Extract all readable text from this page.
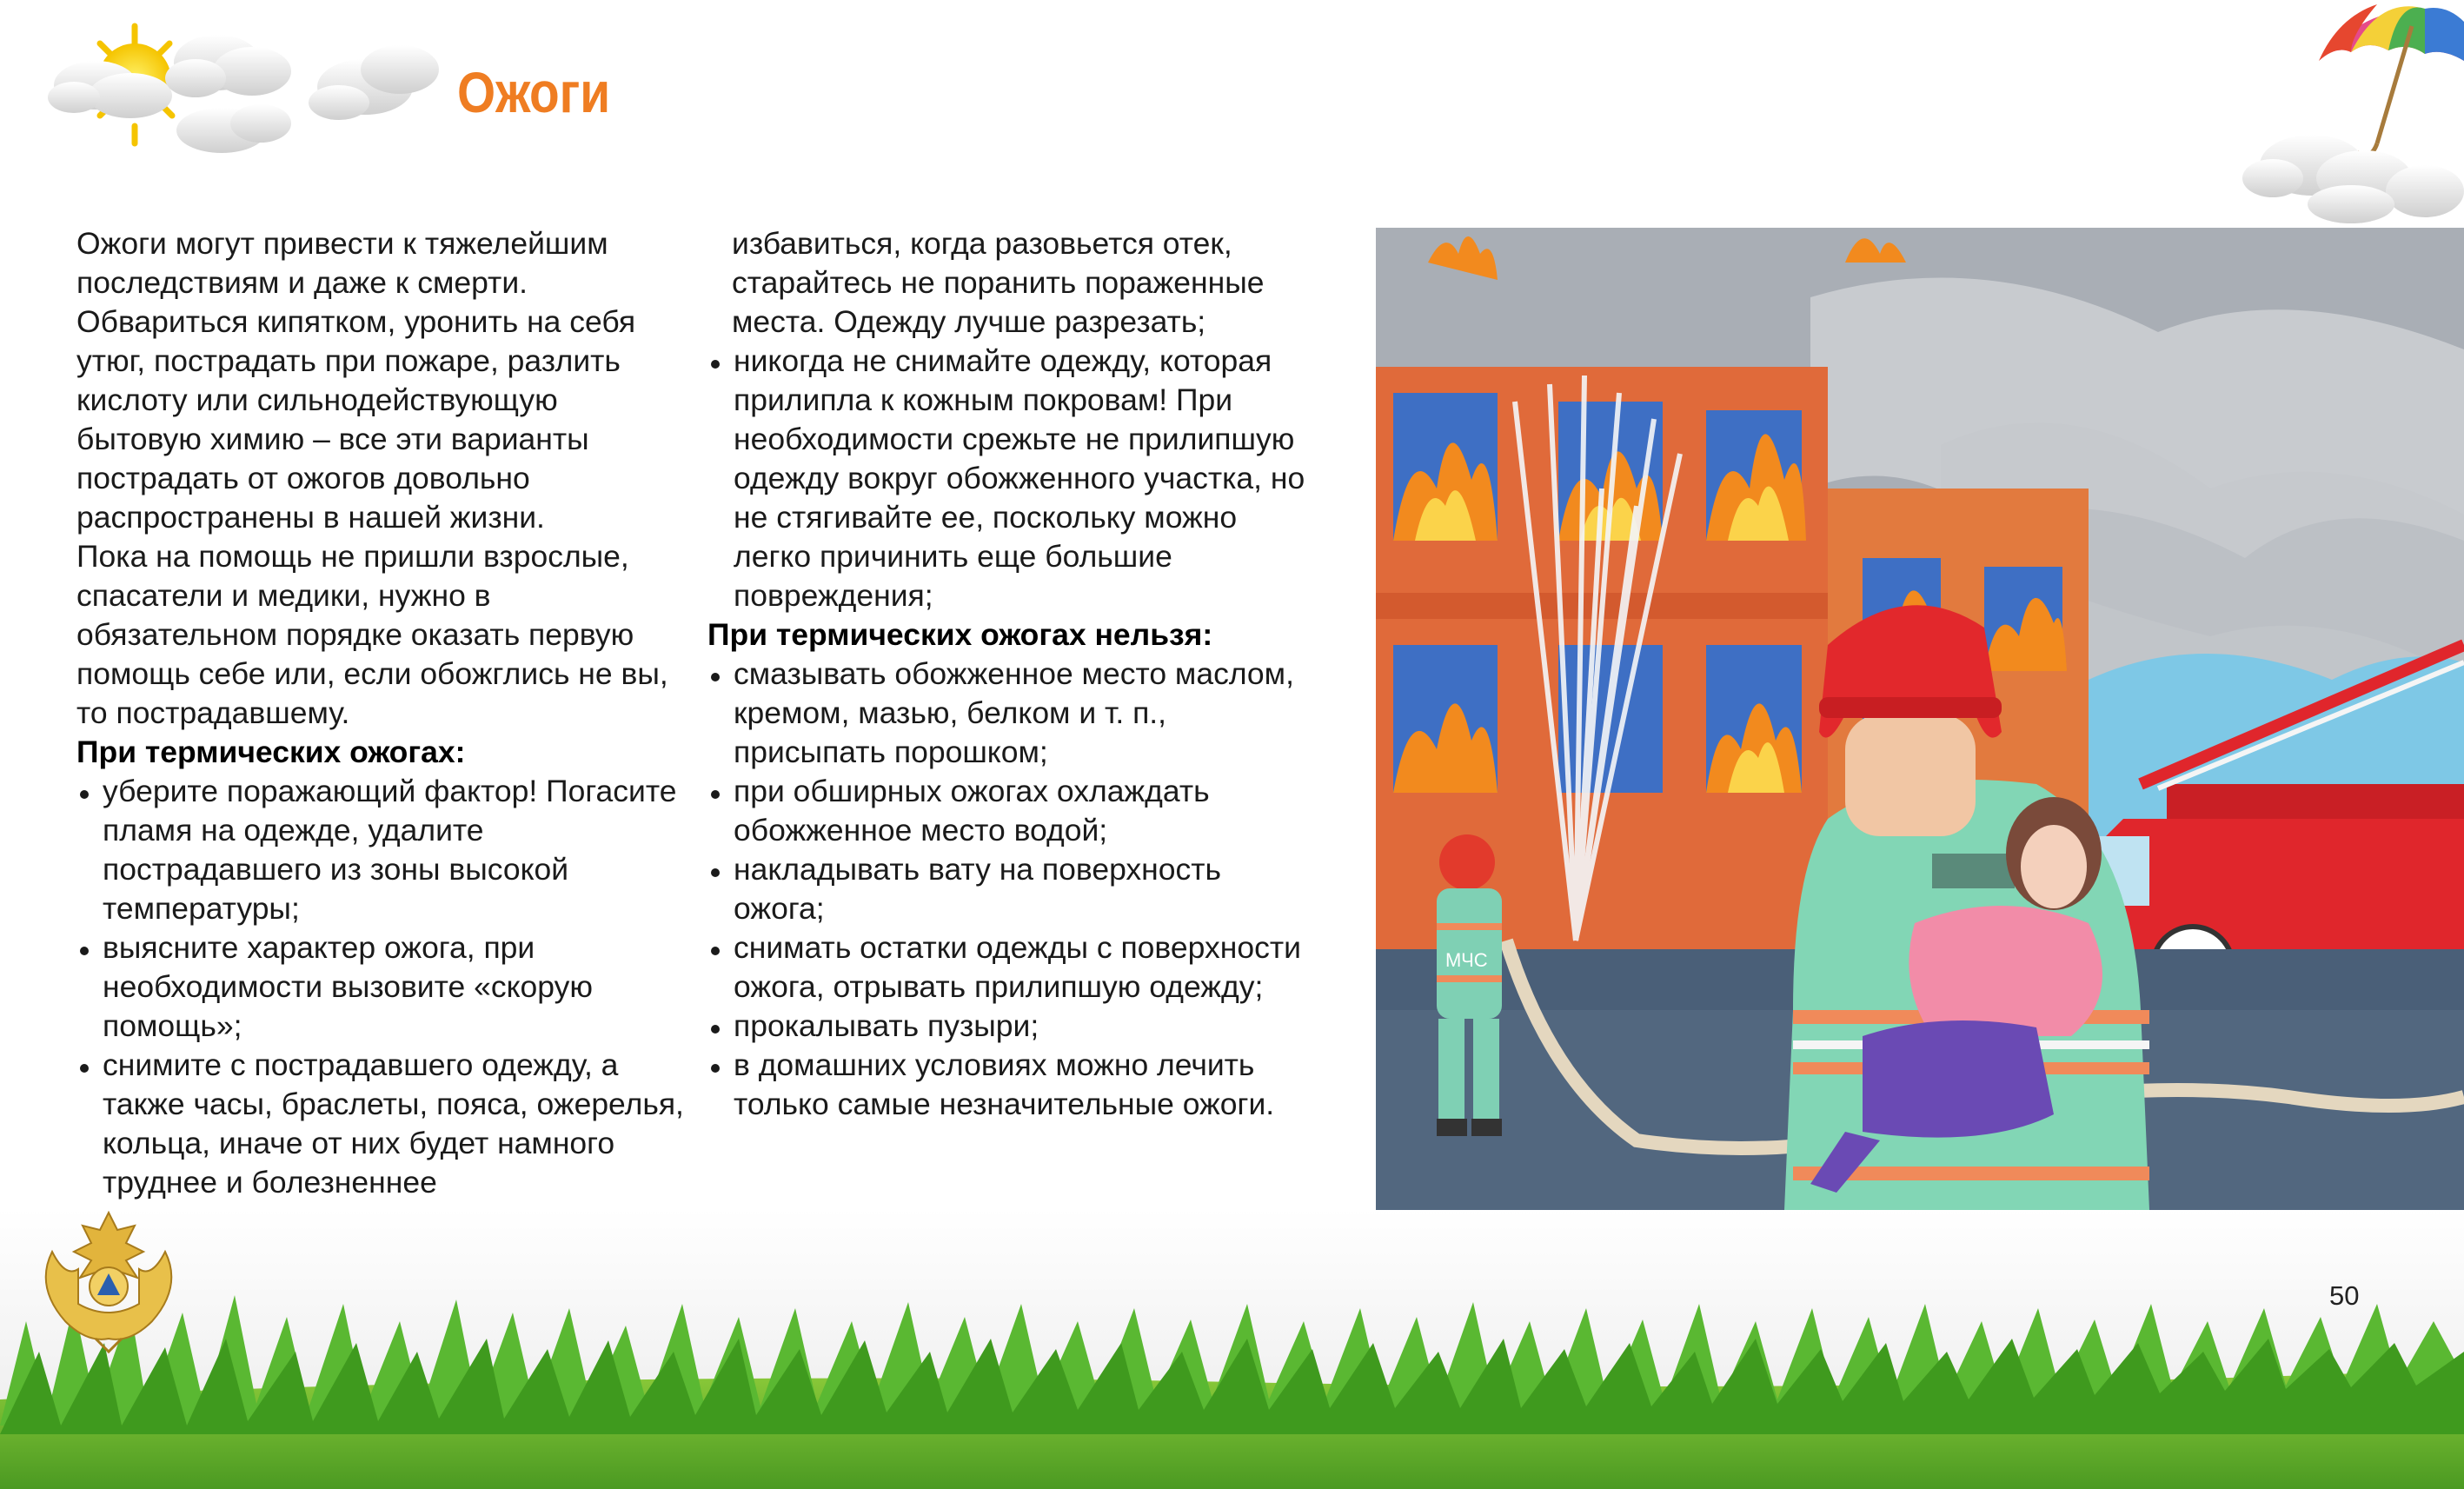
Ожоги

Ожоги могут привести к тяжелейшим последствиям и даже к смерти. Обвариться кипятком, уронить на себя утюг, пострадать при пожаре, разлить кислоту или сильнодействующую бытовую химию – все эти варианты пострадать от ожогов довольно распространены в нашей жизни.

Пока на помощь не пришли взрослые, спасатели и медики, нужно в обязательном порядке оказать первую помощь себе или, если обожглись не вы, то пострадавшему.

При термических ожогах:

уберите поражающий фактор! Погасите пламя на одежде, удалите пострадавшего из зоны высокой температуры;
выясните характер ожога, при необходимости вызовите «скорую помощь»;
снимите с пострадавшего одежду, а также часы, браслеты, пояса, ожерелья, кольца, иначе от них будет намного труднее и болезненнее

избавиться, когда разовьется отек, старайтесь не поранить пораженные места. Одежду лучше разрезать;

никогда не снимайте одежду, которая прилипла к кожным покровам! При необходимости срежьте не прилипшую одежду вокруг обожженного участка, но не стягивайте ее, поскольку можно легко причинить еще большие повреждения;

При термических ожогах нельзя:

смазывать обожженное место маслом, кремом, мазью, белком и т. п., присыпать порошком;
при обширных ожогах охлаждать обожженное место водой;
накладывать вату на поверхность ожога;
снимать остатки одежды с поверхности ожога, отрывать прилипшую одежду;
прокалывать пузыри;
в домашних условиях можно лечить только самые незначительные ожоги.
МЧС
50
